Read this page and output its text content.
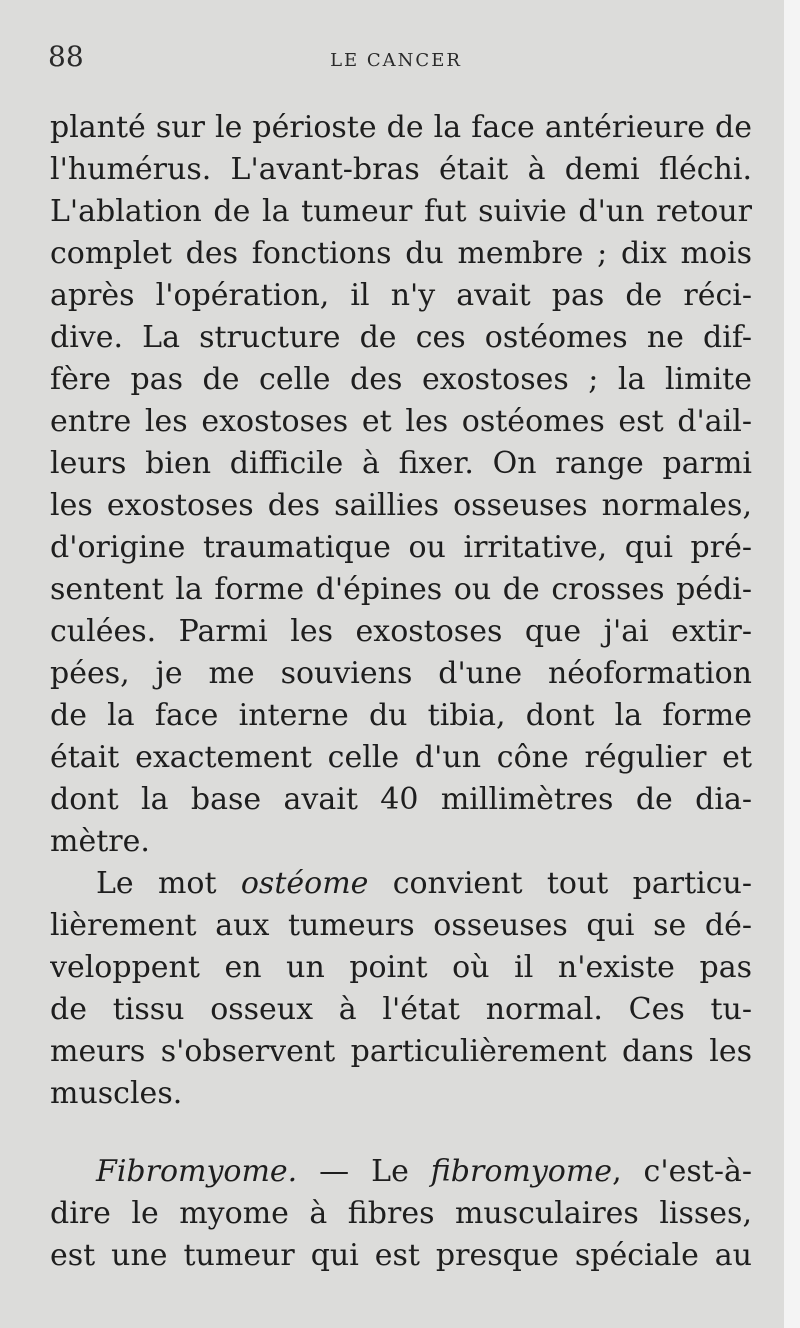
88	LE CANCER
planté sur le périoste de la face antérieure de
l'humérus. L'avant-bras était à demi fléchi.
L'ablation de la tumeur fut suivie d'un retour
complet des fonctions du membre ; dix mois
après l'opération, il n'y avait pas de réci-
dive. La structure de ces ostéomes ne dif-
fère pas de celle des exostoses ; la limite
entre les exostoses et les ostéomes est d'ail-
leurs bien difficile à fixer. On range parmi
les exostoses des saillies osseuses normales,
d'origine traumatique ou irritative, qui pré-
sentent la forme d'épines ou de crosses pédi-
culées. Parmi les exostoses que j'ai extir-
pées, je me souviens d'une néoformation
de la face interne du tibia, dont la forme
était exactement celle d'un cône régulier et
dont la base avait 40 millimètres de dia-
mètre.
Le mot ostéome convient tout particu-
lièrement aux tumeurs osseuses qui se dé-
veloppent en un point où il n'existe pas
de tissu osseux à l'état normal. Ces tu-
meurs s'observent particulièrement dans les
muscles.
Fibromyome. — Le fibromyome, c'est-à-
dire le myome à fibres musculaires lisses,
est une tumeur qui est presque spéciale au
